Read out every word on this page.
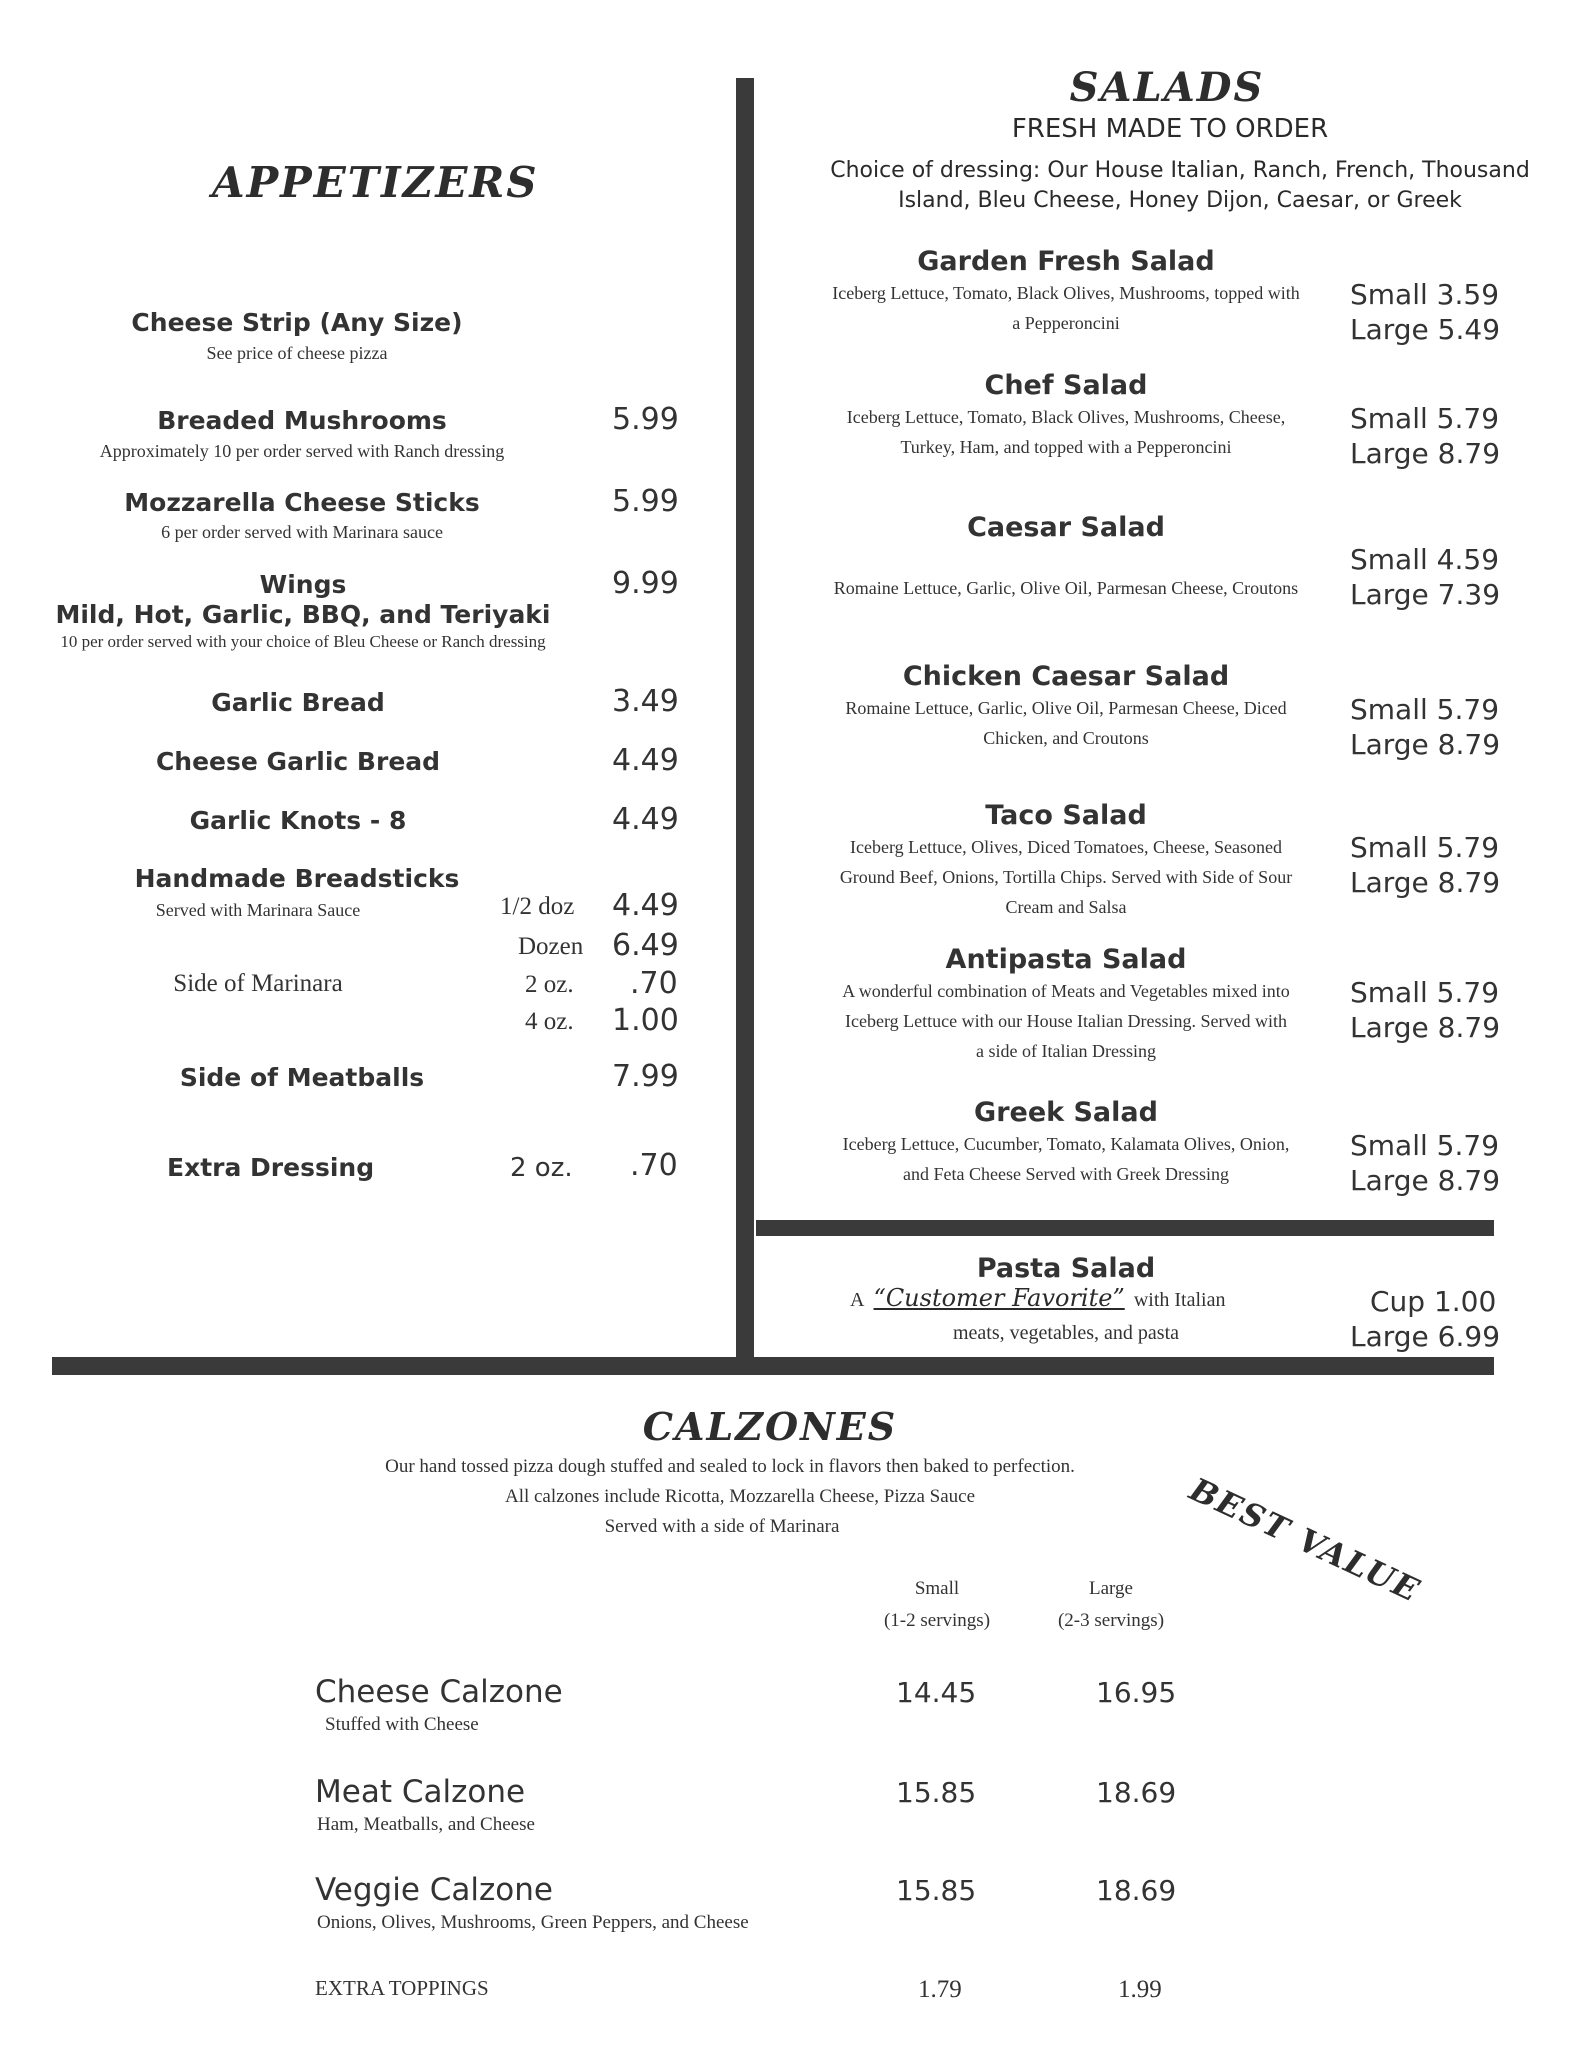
APPETIZERS
Cheese Strip (Any Size)
See price of cheese pizza
Breaded Mushrooms
Approximately 10 per order served with Ranch dressing
5.99
Mozzarella Cheese Sticks
6 per order served with Marinara sauce
5.99
Wings
Mild, Hot, Garlic, BBQ, and Teriyaki
10 per order served with your choice of Bleu Cheese or Ranch dressing
9.99
Garlic Bread	3.49
Cheese Garlic Bread	4.49
Garlic Knots - 8	4.49
Handmade Breadsticks
Served with Marinara Sauce	1/2 doz 4.49
Dozen 6.49
Side of Marinara	2 oz. .70
4 oz. 1.00
Side of Meatballs	7.99
Extra Dressing	2 oz. .70
SALADS
FRESH MADE TO ORDER
Choice of dressing: Our House Italian, Ranch, French, Thousand
Island, Bleu Cheese, Honey Dijon, Caesar, or Greek
Garden Fresh Salad
Iceberg Lettuce, Tomato, Black Olives, Mushrooms, topped with
a Pepperoncini
Small 3.59
Large 5.49
Chef Salad
Iceberg Lettuce, Tomato, Black Olives, Mushrooms, Cheese,
Turkey, Ham, and topped with a Pepperoncini
Small 5.79
Large 8.79
Caesar Salad
Romaine Lettuce, Garlic, Olive Oil, Parmesan Cheese, Croutons
Small 4.59
Large 7.39
Chicken Caesar Salad
Romaine Lettuce, Garlic, Olive Oil, Parmesan Cheese, Diced
Chicken, and Croutons
Small 5.79
Large 8.79
Taco Salad
Iceberg Lettuce, Olives, Diced Tomatoes, Cheese, Seasoned
Ground Beef, Onions, Tortilla Chips. Served with Side of Sour
Cream and Salsa
Small 5.79
Large 8.79
Antipasta Salad
A wonderful combination of Meats and Vegetables mixed into
Iceberg Lettuce with our House Italian Dressing. Served with
a side of Italian Dressing
Small 5.79
Large 8.79
Greek Salad
Iceberg Lettuce, Cucumber, Tomato, Kalamata Olives, Onion,
and Feta Cheese Served with Greek Dressing
Small 5.79
Large 8.79
Pasta Salad
A “Customer Favorite” with Italian
meats, vegetables, and pasta
Cup 1.00
Large 6.99
CALZONES
Our hand tossed pizza dough stuffed and sealed to lock in flavors then baked to perfection.
All calzones include Ricotta, Mozzarella Cheese, Pizza Sauce
Served with a side of Marinara	BEST VALUE
Small
(1-2 servings)
Large
(2-3 servings)
Cheese Calzone
Stuffed with Cheese
14.45	16.95
Meat Calzone
Ham, Meatballs, and Cheese
15.85	18.69
Veggie Calzone
Onions, Olives, Mushrooms, Green Peppers, and Cheese
15.85	18.69
EXTRA TOPPINGS	1.79	1.99
